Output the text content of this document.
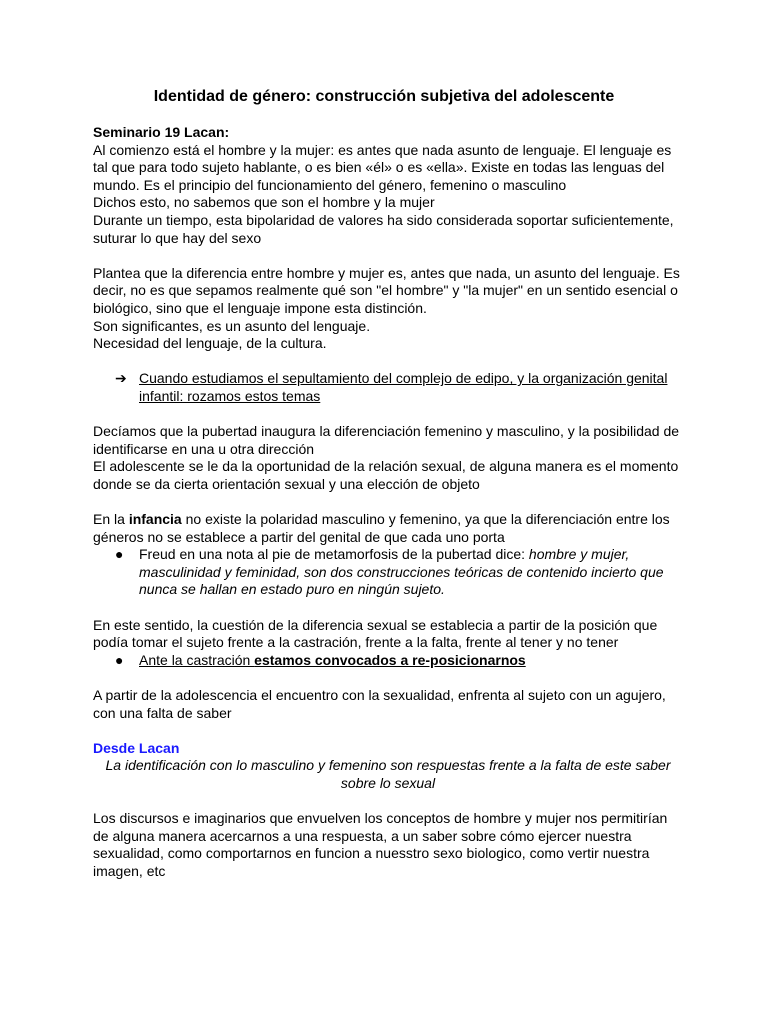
Identidad de género: construcción subjetiva del adolescente

Seminario 19 Lacan:

Al comienzo está el hombre y la mujer: es antes que nada asunto de lenguaje. El lenguaje es tal que para todo sujeto hablante, o es bien «él» o es «ella». Existe en todas las lenguas del mundo. Es el principio del funcionamiento del género, femenino o masculino

Dichos esto, no sabemos que son el hombre y la mujer

Durante un tiempo, esta bipolaridad de valores ha sido considerada soportar suficientemente, suturar lo que hay del sexo

Plantea que la diferencia entre hombre y mujer es, antes que nada, un asunto del lenguaje. Es decir, no es que sepamos realmente qué son "el hombre" y "la mujer" en un sentido esencial o biológico, sino que el lenguaje impone esta distinción.

Son significantes, es un asunto del lenguaje.

Necesidad del lenguaje, de la cultura.

➔ Cuando estudiamos el sepultamiento del complejo de edipo, y la organización genital infantil: rozamos estos temas

Decíamos que la pubertad inaugura la diferenciación femenino y masculino, y la posibilidad de identificarse en una u otra dirección

El adolescente se le da la oportunidad de la relación sexual, de alguna manera es el momento donde se da cierta orientación sexual y una elección de objeto

En la infancia no existe la polaridad masculino y femenino, ya que la diferenciación entre los géneros no se establece a partir del genital de que cada uno porta

● Freud en una nota al pie de metamorfosis de la pubertad dice: hombre y mujer, masculinidad y feminidad, son dos construcciones teóricas de contenido incierto que nunca se hallan en estado puro en ningún sujeto.

En este sentido, la cuestión de la diferencia sexual se establecia a partir de la posición que podía tomar el sujeto frente a la castración, frente a la falta, frente al tener y no tener

● Ante la castración estamos convocados a re-posicionarnos

A partir de la adolescencia el encuentro con la sexualidad, enfrenta al sujeto con un agujero, con una falta de saber

Desde Lacan

La identificación con lo masculino y femenino son respuestas frente a la falta de este saber sobre lo sexual

Los discursos e imaginarios que envuelven los conceptos de hombre y mujer nos permitirían de alguna manera acercarnos a una respuesta, a un saber sobre cómo ejercer nuestra sexualidad, como comportarnos en funcion a nuesstro sexo biologico, como vertir nuestra imagen, etc
